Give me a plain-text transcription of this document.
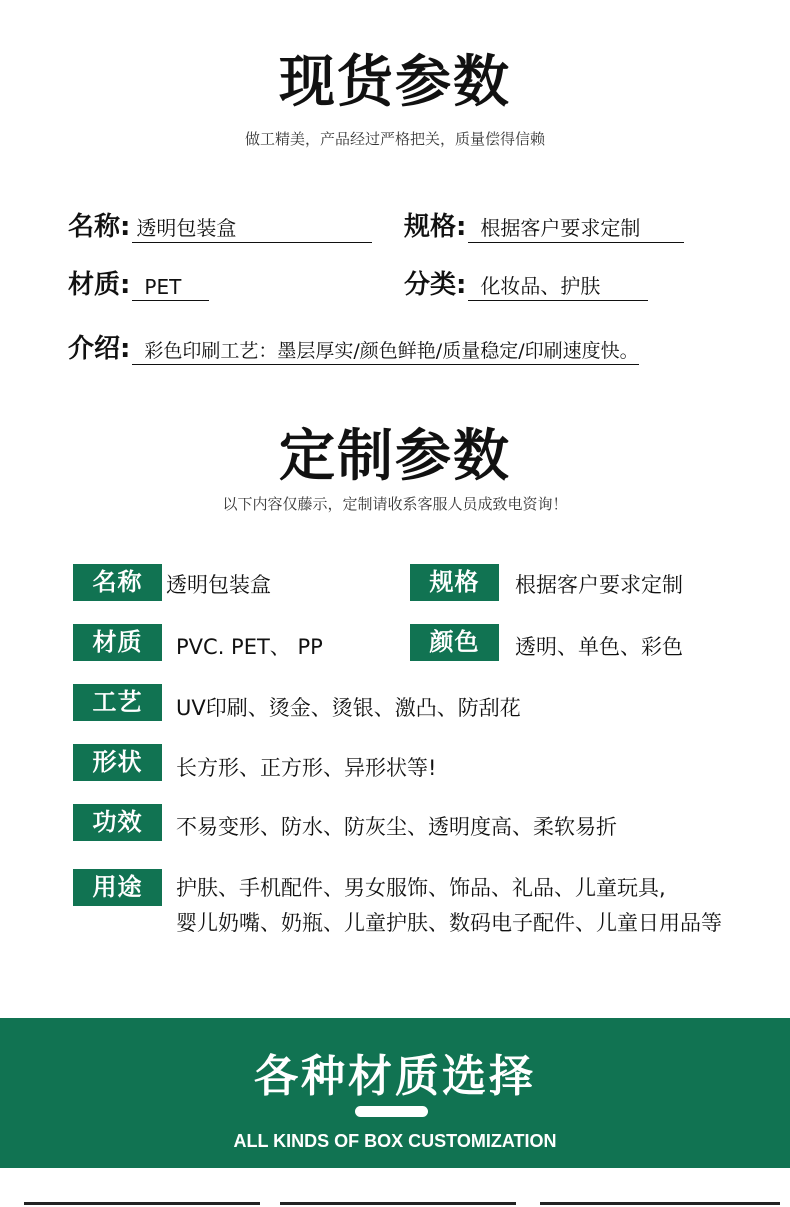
现货参数
做工精美，产品经过严格把关，质量偿得信赖
名称: 透明包装盒	规格: 根据客户要求定制
材质: PET	分类: 化妆品、护肤
介绍: 彩色印刷工艺：墨层厚实/颜色鲜艳/质量稳定/印刷速度快。
定制参数
以下内容仅藤示，定制请收系客服人员成致电资询！
名称	透明包装盒	规格	根据客户要求定制
材质	PVC. PET、 PP	颜色	透明、单色、彩色
工艺	UV印刷、烫金、烫银、激凸、防刮花
形状	长方形、正方形、异形状等!
功效	不易变形、防水、防灰尘、透明度高、柔软易折
用途	护肤、手机配件、男女服饰、饰品、礼品、儿童玩具,
婴儿奶嘴、奶瓶、儿童护肤、数码电子配件、儿童日用品等
各种材质选择
ALL KINDS OF BOX CUSTOMIZATION
